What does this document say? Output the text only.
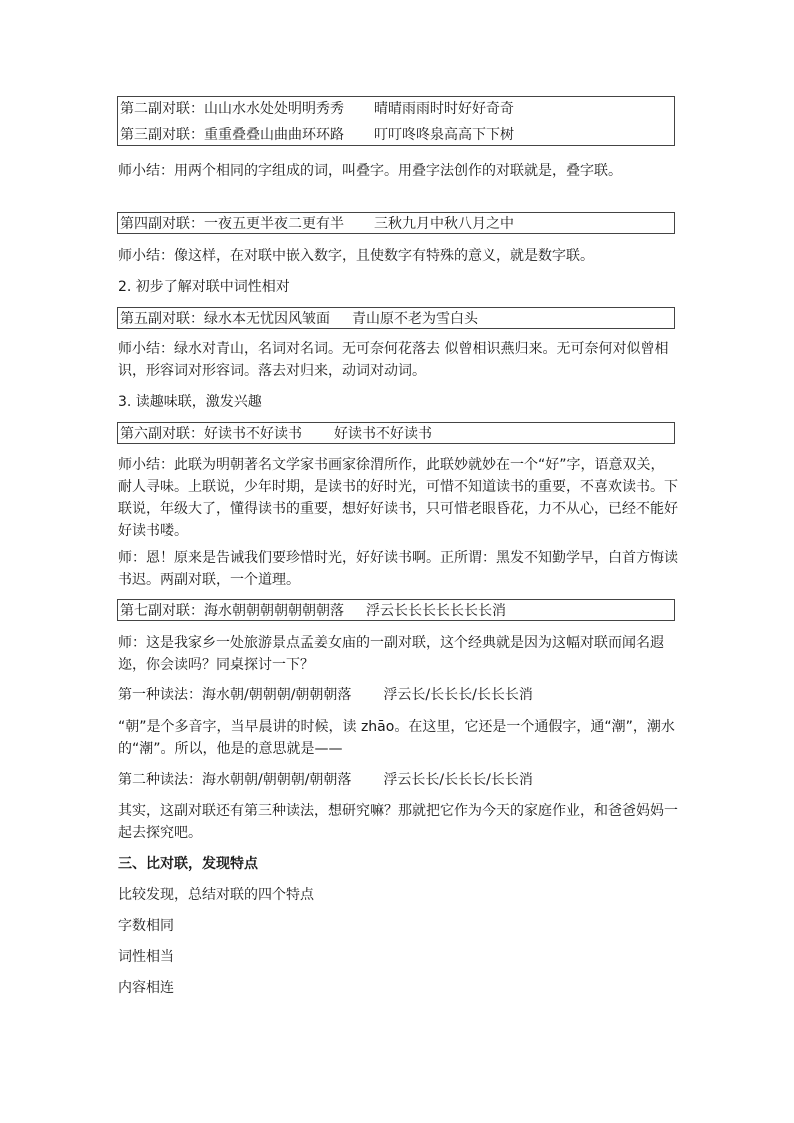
第二副对联：山山水水处处明明秀秀 晴晴雨雨时时好好奇奇
第三副对联：重重叠叠山曲曲环环路 叮叮咚咚泉高高下下树

师小结：用两个相同的字组成的词，叫叠字。用叠字法创作的对联就是，叠字联。

第四副对联：一夜五更半夜二更有半 三秋九月中秋八月之中

师小结：像这样，在对联中嵌入数字，且使数字有特殊的意义，就是数字联。

2. 初步了解对联中词性相对

第五副对联：绿水本无忧因风皱面 青山原不老为雪白头

师小结：绿水对青山，名词对名词。无可奈何花落去 似曾相识燕归来。无可奈何对似曾相识，形容词对形容词。落去对归来，动词对动词。

3. 读趣味联，激发兴趣

第六副对联：好读书不好读书 好读书不好读书

师小结：此联为明朝著名文学家书画家徐渭所作，此联妙就妙在一个“好”字，语意双关，耐人寻味。上联说，少年时期，是读书的好时光，可惜不知道读书的重要，不喜欢读书。下联说，年级大了，懂得读书的重要，想好好读书，只可惜老眼昏花，力不从心，已经不能好好读书喽。

师：恩！原来是告诫我们要珍惜时光，好好读书啊。正所谓：黑发不知勤学早，白首方悔读书迟。两副对联，一个道理。

第七副对联：海水朝朝朝朝朝朝朝落 浮云长长长长长长长消

师：这是我家乡一处旅游景点孟姜女庙的一副对联，这个经典就是因为这幅对联而闻名遐迩，你会读吗？同桌探讨一下？

第一种读法：海水朝/朝朝朝/朝朝朝落 浮云长/长长长/长长长消

“朝”是个多音字，当早晨讲的时候，读 zhāo。在这里，它还是一个通假字，通“潮”，潮水的“潮”。所以，他是的意思就是——

第二种读法：海水朝朝/朝朝朝/朝朝落 浮云长长/长长长/长长消

其实，这副对联还有第三种读法，想研究嘛？那就把它作为今天的家庭作业，和爸爸妈妈一起去探究吧。

三、比对联，发现特点

比较发现，总结对联的四个特点

字数相同

词性相当

内容相连
